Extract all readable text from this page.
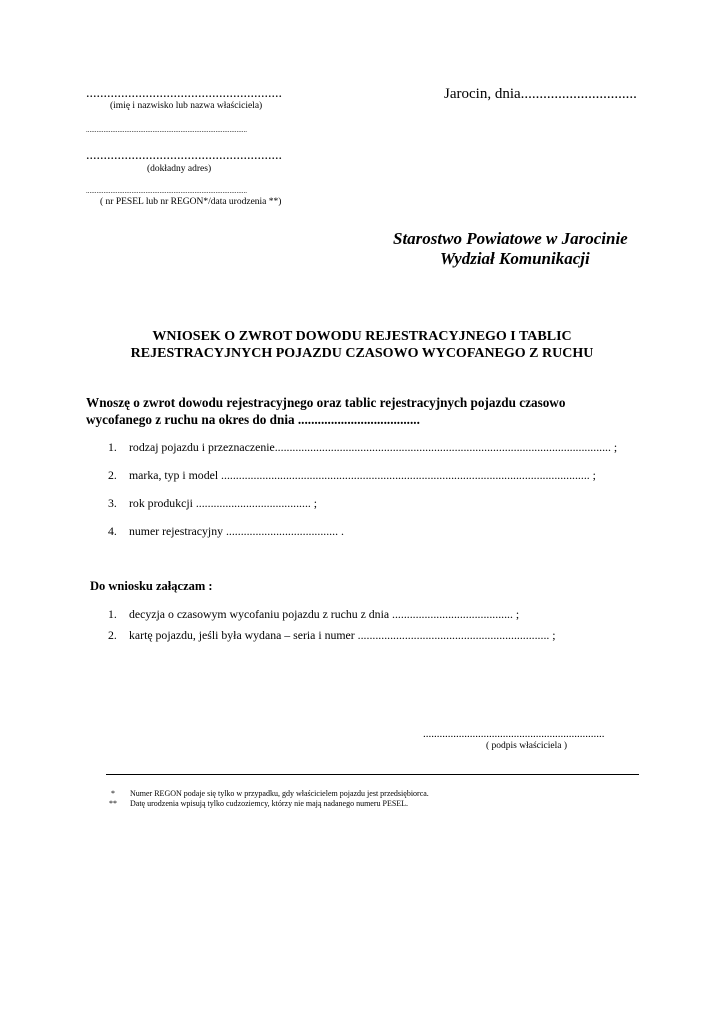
........................................................
(imię i nazwisko lub nazwa właściciela)
............................................................................................
........................................................
(dokładny adres)
............................................................................................
( nr PESEL lub nr REGON*/data urodzenia **)
Jarocin, dnia...............................
Starostwo Powiatowe w Jarocinie
Wydział Komunikacji
WNIOSEK O ZWROT DOWODU REJESTRACYJNEGO I TABLIC
REJESTRACYJNYCH POJAZDU CZASOWO WYCOFANEGO Z RUCHU
Wnoszę o zwrot dowodu rejestracyjnego oraz tablic rejestracyjnych pojazdu czasowo
wycofanego z ruchu na okres do dnia .....................................
1. rodzaj pojazdu i przeznaczenie.................................................................................................................. ;
2. marka, typ i model ............................................................................................................................. ;
3. rok produkcji ....................................... ;
4. numer rejestracyjny ...................................... .
Do wniosku załączam :
1. decyzja o czasowym wycofaniu pojazdu z ruchu z dnia ......................................... ;
2. kartę pojazdu, jeśli była wydana – seria i numer ................................................................. ;
..................................................................
( podpis właściciela )
* Numer REGON podaje się tylko w przypadku, gdy właścicielem pojazdu jest przedsiębiorca.
** Datę urodzenia wpisują tylko cudzoziemcy, którzy nie mają nadanego numeru PESEL.
